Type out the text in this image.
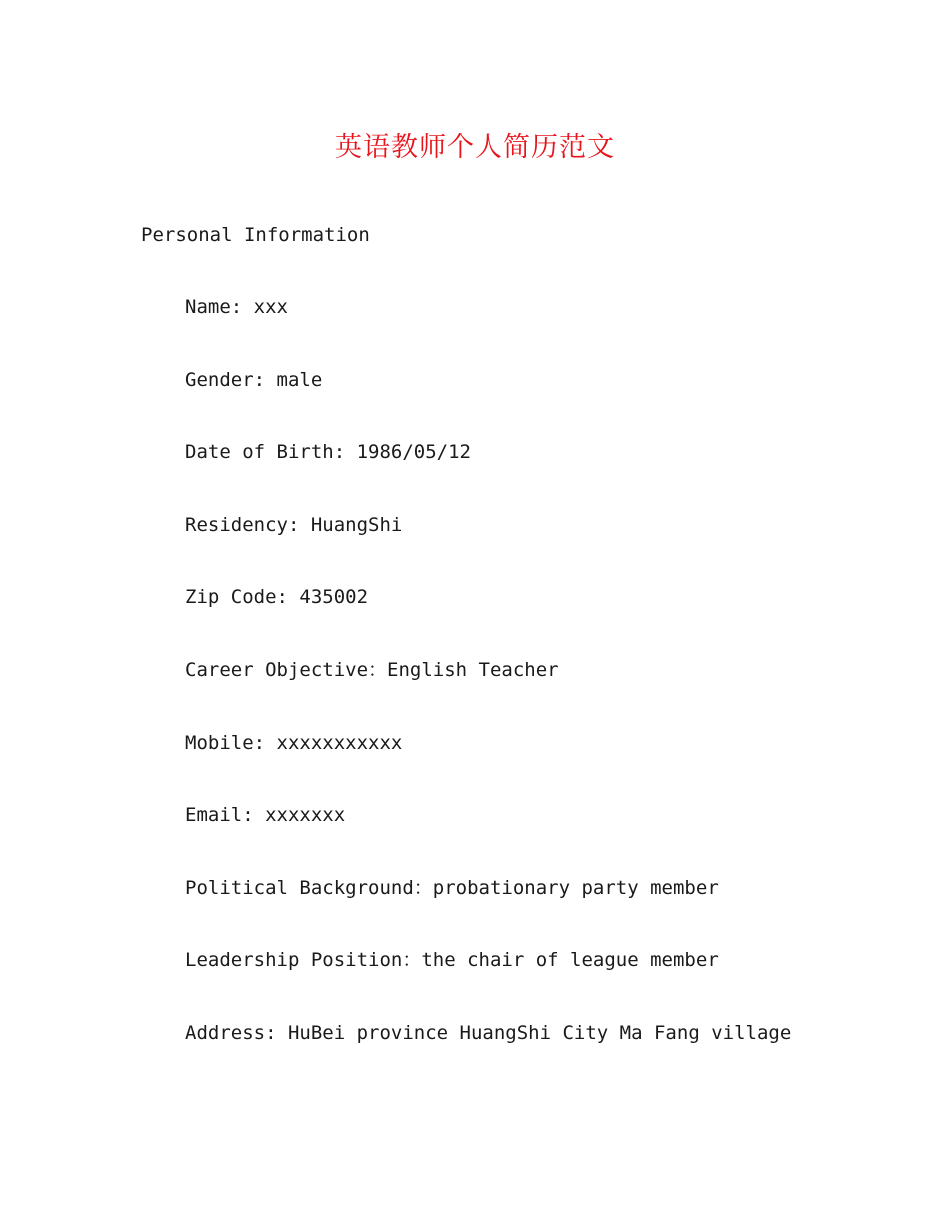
英语教师个人简历范文
Personal Information
Name: xxx
Gender: male
Date of Birth: 1986/05/12
Residency: HuangShi
Zip Code: 435002
Career Objective：English Teacher
Mobile: xxxxxxxxxxx
Email: xxxxxxx
Political Background：probationary party member
Leadership Position：the chair of league member
Address: HuBei province HuangShi City Ma Fang village
